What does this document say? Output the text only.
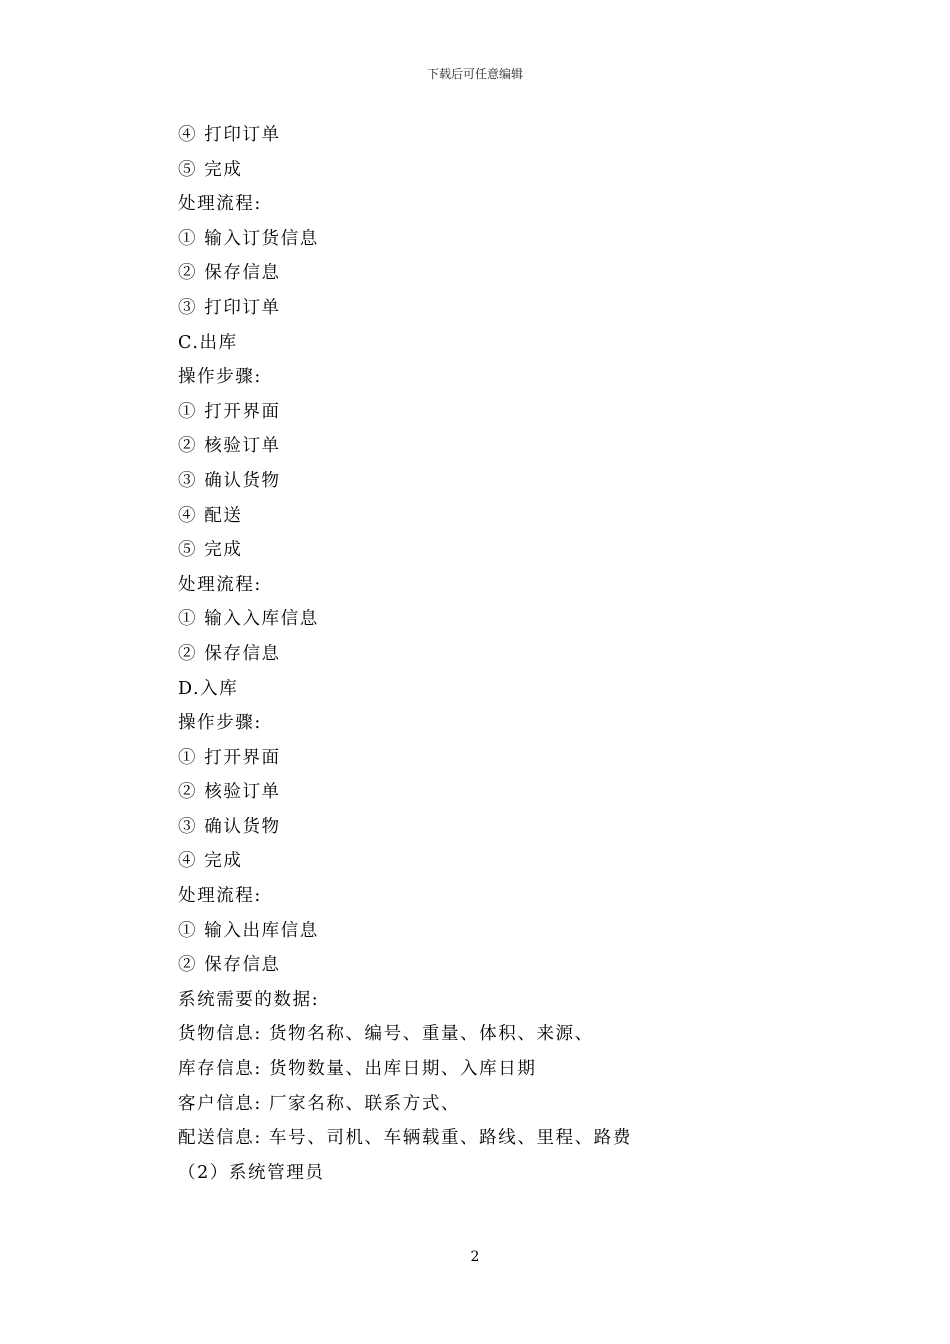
下载后可任意编辑
④ 打印订单
⑤ 完成
处理流程:
① 输入订货信息
② 保存信息
③ 打印订单
C.出库
操作步骤:
① 打开界面
② 核验订单
③ 确认货物
④ 配送
⑤ 完成
处理流程:
① 输入入库信息
② 保存信息
D.入库
操作步骤:
① 打开界面
② 核验订单
③ 确认货物
④ 完成
处理流程:
① 输入出库信息
② 保存信息
系统需要的数据:
货物信息: 货物名称、编号、重量、体积、来源、
库存信息: 货物数量、出库日期、入库日期
客户信息: 厂家名称、联系方式、
配送信息: 车号、司机、车辆载重、路线、里程、路费
（2）系统管理员
2
